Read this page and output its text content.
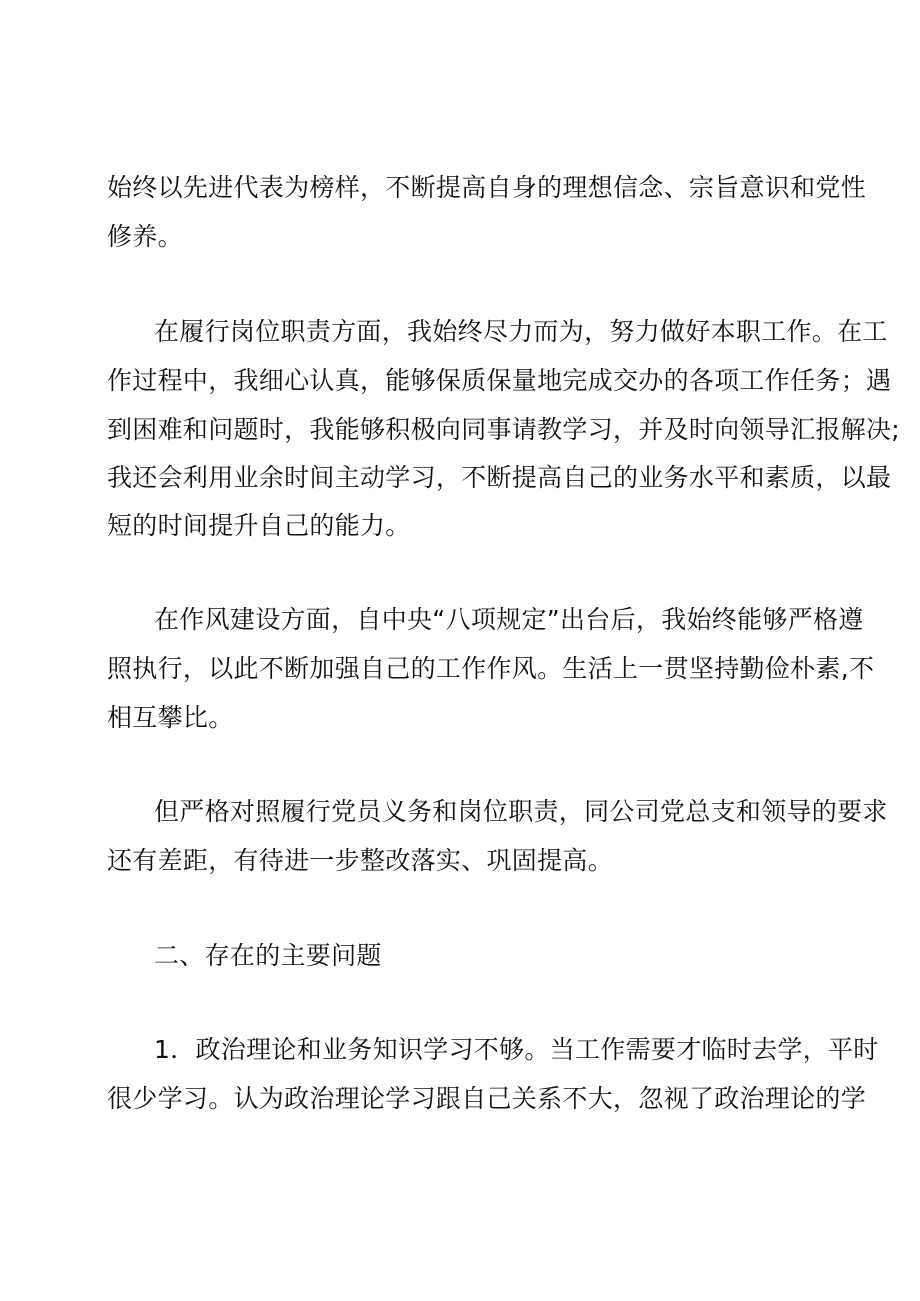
始终以先进代表为榜样，不断提高自身的理想信念、宗旨意识和党性
修养。
在履行岗位职责方面，我始终尽力而为，努力做好本职工作。在工
作过程中，我细心认真，能够保质保量地完成交办的各项工作任务；遇
到困难和问题时，我能够积极向同事请教学习，并及时向领导汇报解决;
我还会利用业余时间主动学习，不断提高自己的业务水平和素质，以最
短的时间提升自己的能力。
在作风建设方面，自中央“八项规定”出台后，我始终能够严格遵
照执行，以此不断加强自己的工作作风。生活上一贯坚持勤俭朴素,不
相互攀比。
但严格对照履行党员义务和岗位职责，同公司党总支和领导的要求
还有差距，有待进一步整改落实、巩固提高。
二、存在的主要问题
1．政治理论和业务知识学习不够。当工作需要才临时去学，平时
很少学习。认为政治理论学习跟自己关系不大，忽视了政治理论的学
